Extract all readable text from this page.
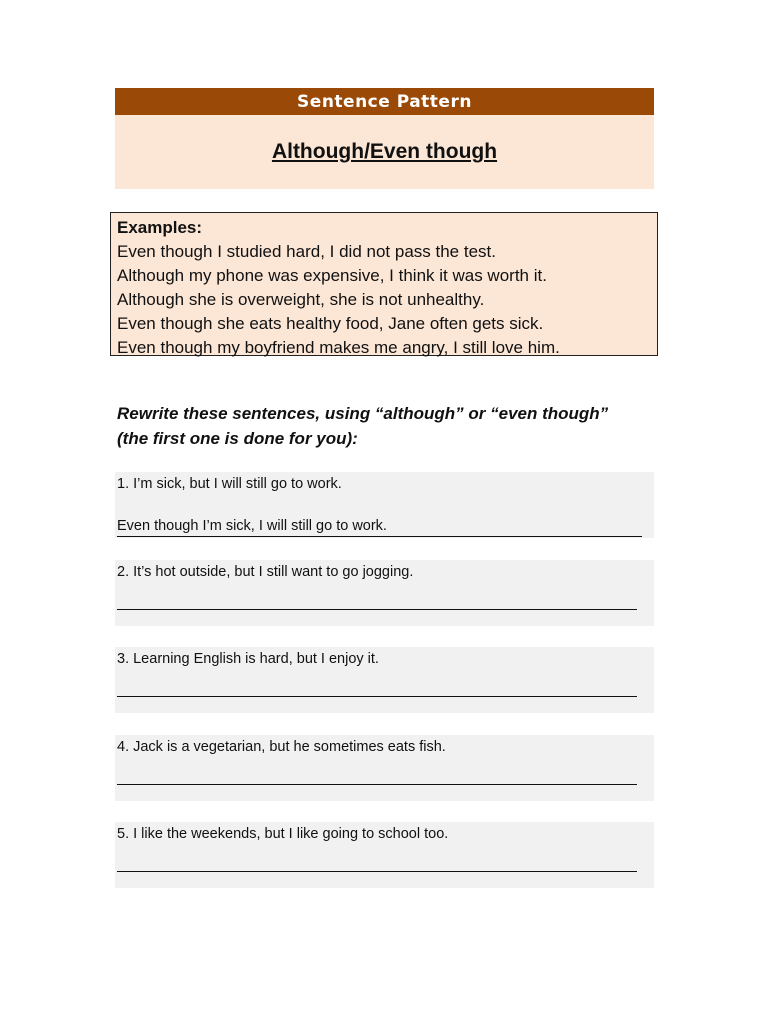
Sentence Pattern
Although/Even though

Examples:

Even though I studied hard, I did not pass the test.
Although my phone was expensive, I think it was worth it.
Although she is overweight, she is not unhealthy.
Even though she eats healthy food, Jane often gets sick.
Even though my boyfriend makes me angry, I still love him.
Rewrite these sentences, using “although” or “even though”
(the first one is done for you):
1. I’m sick, but I will still go to work.
Even though I’m sick, I will still go to work.
2. It’s hot outside, but I still want to go jogging.
3. Learning English is hard, but I enjoy it.
4. Jack is a vegetarian, but he sometimes eats fish.
5. I like the weekends, but I like going to school too.
